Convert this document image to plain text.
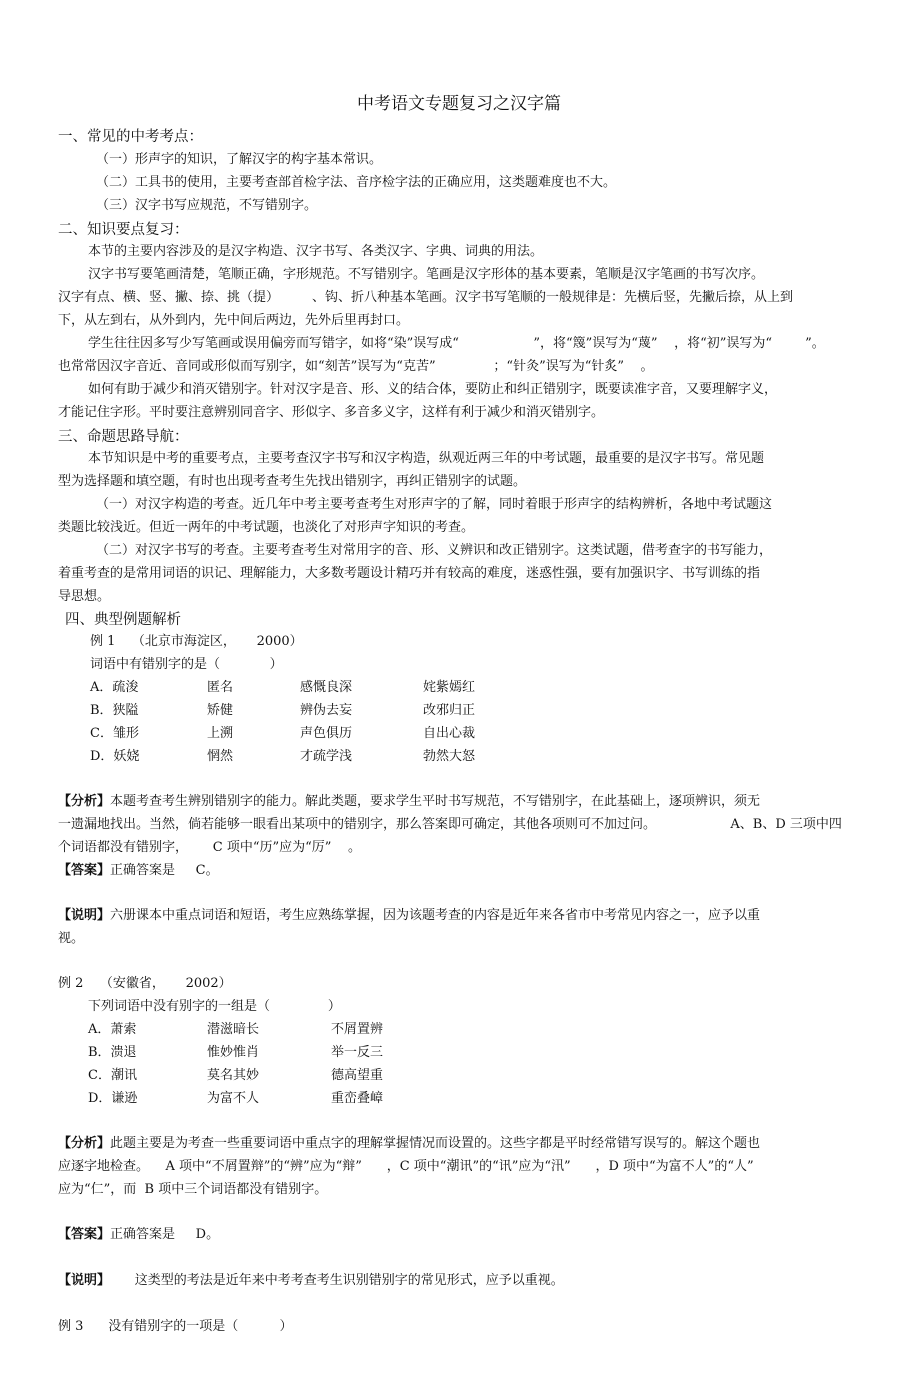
中考语文专题复习之汉字篇
一、常见的中考考点：
（一）形声字的知识，了解汉字的构字基本常识。
（二）工具书的使用，主要考查部首检字法、音序检字法的正确应用，这类题难度也不大。
（三）汉字书写应规范，不写错别字。
二、知识要点复习：
本节的主要内容涉及的是汉字构造、汉字书写、各类汉字、字典、词典的用法。
汉字书写要笔画清楚，笔顺正确，字形规范。不写错别字。笔画是汉字形体的基本要素，笔顺是汉字笔画的书写次序。
汉字有点、横、竖、撇、捺、挑（提）        、钩、折八种基本笔画。汉字书写笔顺的一般规律是：先横后竖，先撇后捺，从上到
下，从左到右，从外到内，先中间后两边，先外后里再封口。
学生往往因多写少写笔画或误用偏旁而写错字，如将“染”误写成“                  ”，将“篾”误写为“蔑”    ，将“初”误写为“        ”。
也常常因汉字音近、音同或形似而写别字，如“刻苦”误写为“克苦”              ；“针灸”误写为“针炙”    。
如何有助于减少和消灭错别字。针对汉字是音、形、义的结合体，要防止和纠正错别字，既要读准字音，又要理解字义，
才能记住字形。平时要注意辨别同音字、形似字、多音多义字，这样有利于减少和消灭错别字。
三、命题思路导航：
本节知识是中考的重要考点，主要考查汉字书写和汉字构造，纵观近两三年的中考试题，最重要的是汉字书写。常见题
型为选择题和填空题，有时也出现考查考生先找出错别字，再纠正错别字的试题。
（一）对汉字构造的考查。近几年中考主要考查考生对形声字的了解，同时着眼于形声字的结构辨析，各地中考试题这
类题比较浅近。但近一两年的中考试题，也淡化了对形声字知识的考查。
（二）对汉字书写的考查。主要考查考生对常用字的音、形、义辨识和改正错别字。这类试题，借考查字的书写能力，
着重考查的是常用词语的识记、理解能力，大多数考题设计精巧并有较高的难度，迷惑性强，要有加强识字、书写训练的指
导思想。
四、典型例题解析
例 1    （北京市海淀区，     2000）
词语中有错别字的是（            ）
A．疏浚	匿名	感慨良深	姹紫嫣红
B．狭隘	矫健	辨伪去妄	改邪归正
C．雏形	上溯	声色俱历	自出心裁
D．妖娆	惘然	才疏学浅	勃然大怒
【分析】本题考查考生辨别错别字的能力。解此类题，要求学生平时书写规范，不写错别字，在此基础上，逐项辨识，须无
一遗漏地找出。当然，倘若能够一眼看出某项中的错别字，那么答案即可确定，其他各项则可不加过问。                  A、B、D 三项中四
个词语都没有错别字，      C 项中“历”应为“厉”    。
【答案】正确答案是     C。
【说明】六册课本中重点词语和短语，考生应熟练掌握，因为该题考查的内容是近年来各省市中考常见内容之一，应予以重
视。
例 2    （安徽省，     2002）
下列词语中没有别字的一组是（              ）
A．萧索	潜滋暗长	不屑置辨
B．溃退	惟妙惟肖	举一反三
C．潮讯	莫名其妙	德高望重
D．谦逊	为富不人	重峦叠嶂
【分析】此题主要是为考查一些重要词语中重点字的理解掌握情况而设置的。这些字都是平时经常错写误写的。解这个题也
应逐字地检查。    A 项中“不屑置辩”的“辨”应为“辩”      ，C 项中“潮讯”的“讯”应为“汛”      ，D 项中“为富不人”的“人”
应为“仁”，而  B 项中三个词语都没有错别字。
【答案】正确答案是     D。
【说明】      这类型的考法是近年来中考考查考生识别错别字的常见形式，应予以重视。
例 3      没有错别字的一项是（          ）
